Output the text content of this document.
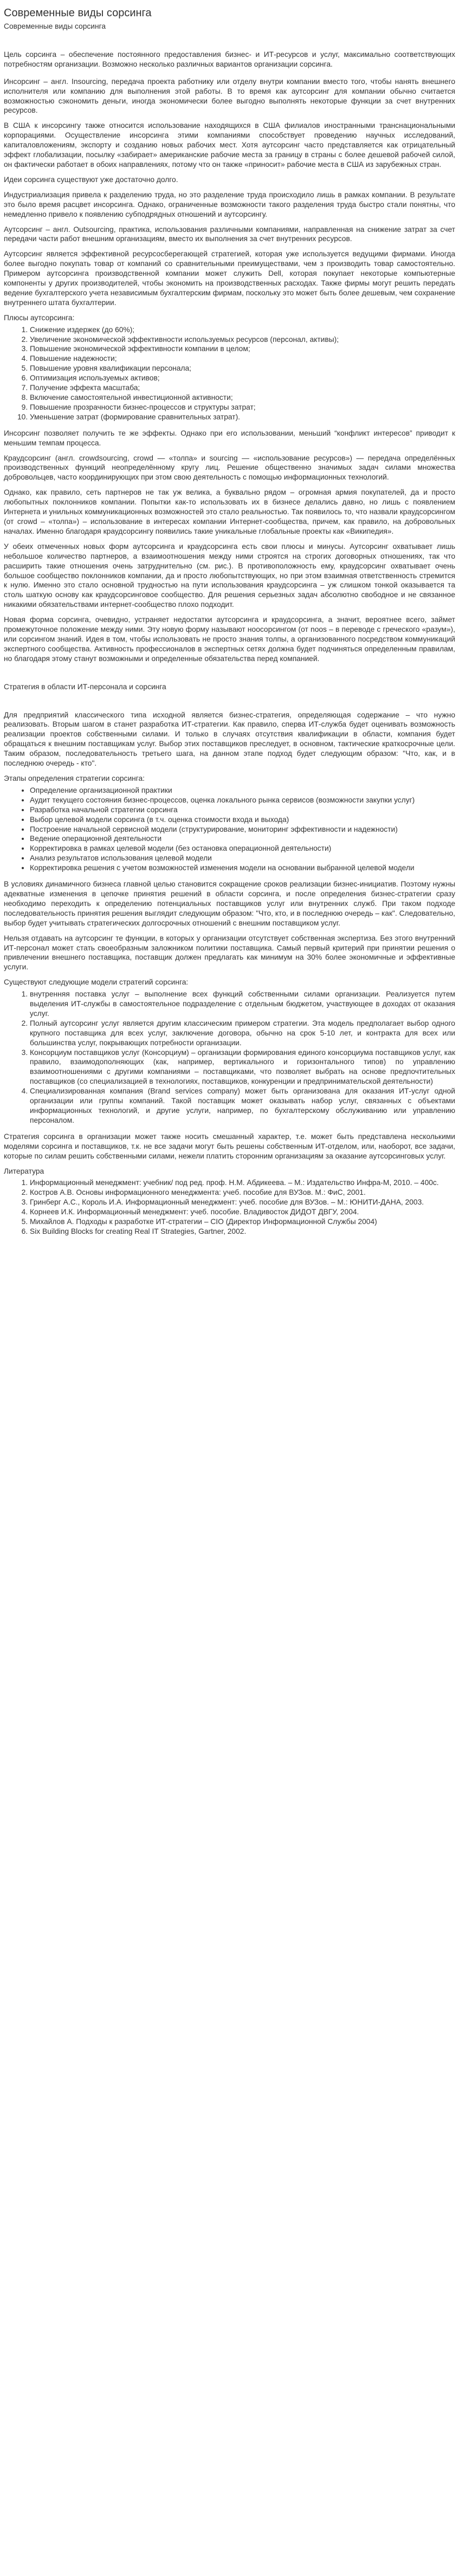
Современные виды сорсинга
Современные виды сорсинга

Цель сорсинга – обеспечение постоянного предоставления бизнес- и ИТ-ресурсов и услуг, максимально соответствующих потребностям организации. Возможно несколько различных вариантов организации сорсинга.

Инсорсинг – англ. Insourcing, передача проекта работнику или отделу внутри компании вместо того, чтобы нанять внешнего исполнителя или компанию для выполнения этой работы. В то время как аутсорсинг для компании обычно считается возможностью сэкономить деньги, иногда экономически более выгодно выполнять некоторые функции за счет внутренних ресурсов.

В США к инсорсингу также относится использование находящихся в США филиалов иностранными транснациональными корпорациями. Осуществление инсорсинга этими компаниями способствует проведению научных исследований, капиталовложениям, экспорту и созданию новых рабочих мест. Хотя аутсорсинг часто представляется как отрицательный эффект глобализации, посылку «забирает» американские рабочие места за границу в страны с более дешевой рабочей силой, он фактически работает в обоих направлениях, потому что он также «приносит» рабочие места в США из зарубежных стран.

Идеи сорсинга существуют уже достаточно долго.

Индустриализация привела к разделению труда, но это разделение труда происходило лишь в рамках компании. В результате это было время расцвет инсорсинга. Однако, ограниченные возможности такого разделения труда быстро стали понятны, что немедленно привело к появлению субподрядных отношений и аутсорсингу.

Аутсорсинг – англ. Outsourcing, практика, использования различными компаниями, направленная на снижение затрат за счет передачи части работ внешним организациям, вместо их выполнения за счет внутренних ресурсов.

Аутсорсинг является эффективной ресурсосберегающей стратегией, которая уже используется ведущими фирмами. Иногда более выгодно покупать товар от компаний со сравнительными преимуществами, чем з производить товар самостоятельно. Примером аутсорсинга производственной компании может служить Dell, которая покупает некоторые компьютерные компоненты у других производителей, чтобы экономить на производственных расходах. Также фирмы могут решить передать ведение бухгалтерского учета независимым бухгалтерским фирмам, поскольку это может быть более дешевым, чем сохранение внутреннего штата бухгалтерии.

Плюсы аутсорсинга:
1. Снижение издержек (до 60%);
2. Увеличение экономической эффективности используемых ресурсов (персонал, активы);
3. Повышение экономической эффективности компании в целом;
4. Повышение надежности;
5. Повышение уровня квалификации персонала;
6. Оптимизация используемых активов;
7. Получение эффекта масштаба;
8. Включение самостоятельной инвестиционной активности;
9. Повышение прозрачности бизнес-процессов и структуры затрат;
10. Уменьшение затрат (формирование сравнительных затрат).

Инсорсинг позволяет получить те же эффекты. Однако при его использовании, меньший “конфликт интересов” приводит к меньшим темпам процесса.

Краудсорсинг (англ. crowdsourcing, crowd — «толпа» и sourcing — «использование ресурсов») — передача определённых производственных функций неопределённому кругу лиц. Решение общественно значимых задач силами множества добровольцев, часто координирующих при этом свою деятельность с помощью информационных технологий.

Однако, как правило, сеть партнеров не так уж велика, а буквально рядом – огромная армия покупателей, да и просто любопытных поклонников компании. Попытки как-то использовать их в бизнесе делались давно, но лишь с появлением Интернета и унильных коммуникационных возможностей это стало реальностью. Так появилось то, что назвали краудсорсингом (от crowd – «толпа») – использование в интересах компании Интернет-сообщества, причем, как правило, на добровольных началах. Именно благодаря краудсорсингу появились такие уникальные глобальные проекты как «Википедия».

У обеих отмеченных новых форм аутсорсинга и краудсорсинга есть свои плюсы и минусы. Аутсорсинг охватывает лишь небольшое количество партнеров, а взаимоотношения между ними строятся на строгих договорных отношениях, так что расширить такие отношения очень затруднительно (см. рис.). В противоположность ему, краудсорсинг охватывает очень большое сообщество поклонников компании, да и просто любопытствующих, но при этом взаимная ответственность стремится к нулю. Именно это стало основной трудностью на пути использования краудсорсинга – уж слишком тонкой оказывается та столь шаткую основу как краудсорсинговое сообщество. Для решения серьезных задач абсолютно свободное и не связанное никакими обязательствами интернет-сообщество плохо подходит.

Новая форма сорсинга, очевидно, устраняет недостатки аутсорсинга и краудсорсинга, а значит, вероятнее всего, займет промежуточное положение между ними. Эту новую форму называют ноосорсингом (от noos – в переводе с греческого «разум»), или сорсингом знаний. Идея в том, чтобы использовать не просто знания толпы, а организованного посредством коммуникаций экспертного сообщества. Активность профессионалов в экспертных сетях должна будет подчиняться определенным правилам, но благодаря этому станут возможными и определенные обязательства перед компанией.

Стратегия в области ИТ-персонала и сорсинга

Для предприятий классического типа исходной является бизнес-стратегия, определяющая содержание – что нужно реализовать. Вторым шагом в станет разработка ИТ-стратегии. Как правило, сперва ИТ-служба будет оценивать возможность реализации проектов собственными силами. И только в случаях отсутствия квалификации в области, компания будет обращаться к внешним поставщикам услуг. Выбор этих поставщиков преследует, в основном, тактические краткосрочные цели. Таким образом, последовательность третьего шага, на данном этапе подход будет следующим образом: "Что, как, и в последнюю очередь - кто".

Этапы определения стратегии сорсинга:
• Определение организационной практики
• Аудит текущего состояния бизнес-процессов, оценка локального рынка сервисов (возможности закупки услуг)
• Разработка начальной стратегии сорсинга
• Выбор целевой модели сорсинга (в т.ч. оценка стоимости входа и выхода)
• Построение начальной сервисной модели (структурирование, мониторинг эффективности и надежности)
• Ведение операционной деятельности
• Корректировка в рамках целевой модели (без остановка операционной деятельности)
• Анализ результатов использования целевой модели
• Корректировка решения с учетом возможностей изменения модели на основании выбранной целевой модели

В условиях динамичного бизнеса главной целью становится сокращение сроков реализации бизнес-инициатив. Поэтому нужны адекватные изменения в цепочке принятия решений в области сорсинга, и после определения бизнес-стратегии сразу необходимо переходить к определению потенциальных поставщиков услуг или внутренних служб. При таком подходе последовательность принятия решения выглядит следующим образом: "Что, кто, и в последнюю очередь – как". Следовательно, выбор будет учитывать стратегических долгосрочных отношений с внешним поставщиком услуг.

Нельзя отдавать на аутсорсинг те функции, в которых у организации отсутствует собственная экспертиза. Без этого внутренний ИТ-персонал может стать своеобразным заложником политики поставщика. Самый первый критерий при принятии решения о привлечении внешнего поставщика, поставщик должен предлагать как минимум на 30% более экономичные и эффективные услуги.

Существуют следующие модели стратегий сорсинга:
1. внутренняя поставка услуг – выполнение всех функций собственными силами организации. Реализуется путем выделения ИТ-службы в самостоятельное подразделение с отдельным бюджетом, участвующее в доходах от оказания услуг.
2. Полный аутсорсинг услуг является другим классическим примером стратегии. Эта модель предполагает выбор одного крупного поставщика для всех услуг, заключение договора, обычно на срок 5-10 лет, и контракта для всех или большинства услуг, покрывающих потребности организации.
3. Консорциум поставщиков услуг (Консорциум) – организации формирования единого консорциума поставщиков услуг, как правило, взаимодополняющих (как, например, вертикального и горизонтального типов) по управлению взаимоотношениями с другими компаниями – поставщиками, что позволяет выбрать на основе предпочтительных поставщиков (со специализацией в технологиях, поставщиков, конкуренции и предпринимательской деятельности)
4. Специализированная компания (Brand services company) может быть организована для оказания ИТ-услуг одной организации или группы компаний. Такой поставщик может оказывать набор услуг, связанных с объектами информационных технологий, и другие услуги, например, по бухгалтерскому обслуживанию или управлению персоналом.

Стратегия сорсинга в организации может также носить смешанный характер, т.е. может быть представлена несколькими моделями сорсинга и поставщиков, т.к. не все задачи могут быть решены собственным ИТ-отделом, или, наоборот, все задачи, которые по силам решить собственными силами, нежели платить сторонним организациям за оказание аутсорсинговых услуг.

Литература
1. Информационный менеджмент: учебник/ под ред. проф. Н.М. Абдикеева. – М.: Издательство Инфра-М, 2010. – 400с.
2. Костров А.В. Основы информационного менеджмента: учеб. пособие для ВУЗов. М.: ФиС, 2001.
3. Гринберг А.С., Король И.А. Информационный менеджмент: учеб. пособие для ВУЗов. – М.: ЮНИТИ-ДАНА, 2003.
4. Корнеев И.К. Информационный менеджмент: учеб. пособие. Владивосток ДИДОТ ДВГУ, 2004.
5. Михайлов А. Подходы к разработке ИТ-стратегии – CIO (Директор Информационной Службы 2004)
6. Six Building Blocks for creating Real IT Strategies, Gartner, 2002.
